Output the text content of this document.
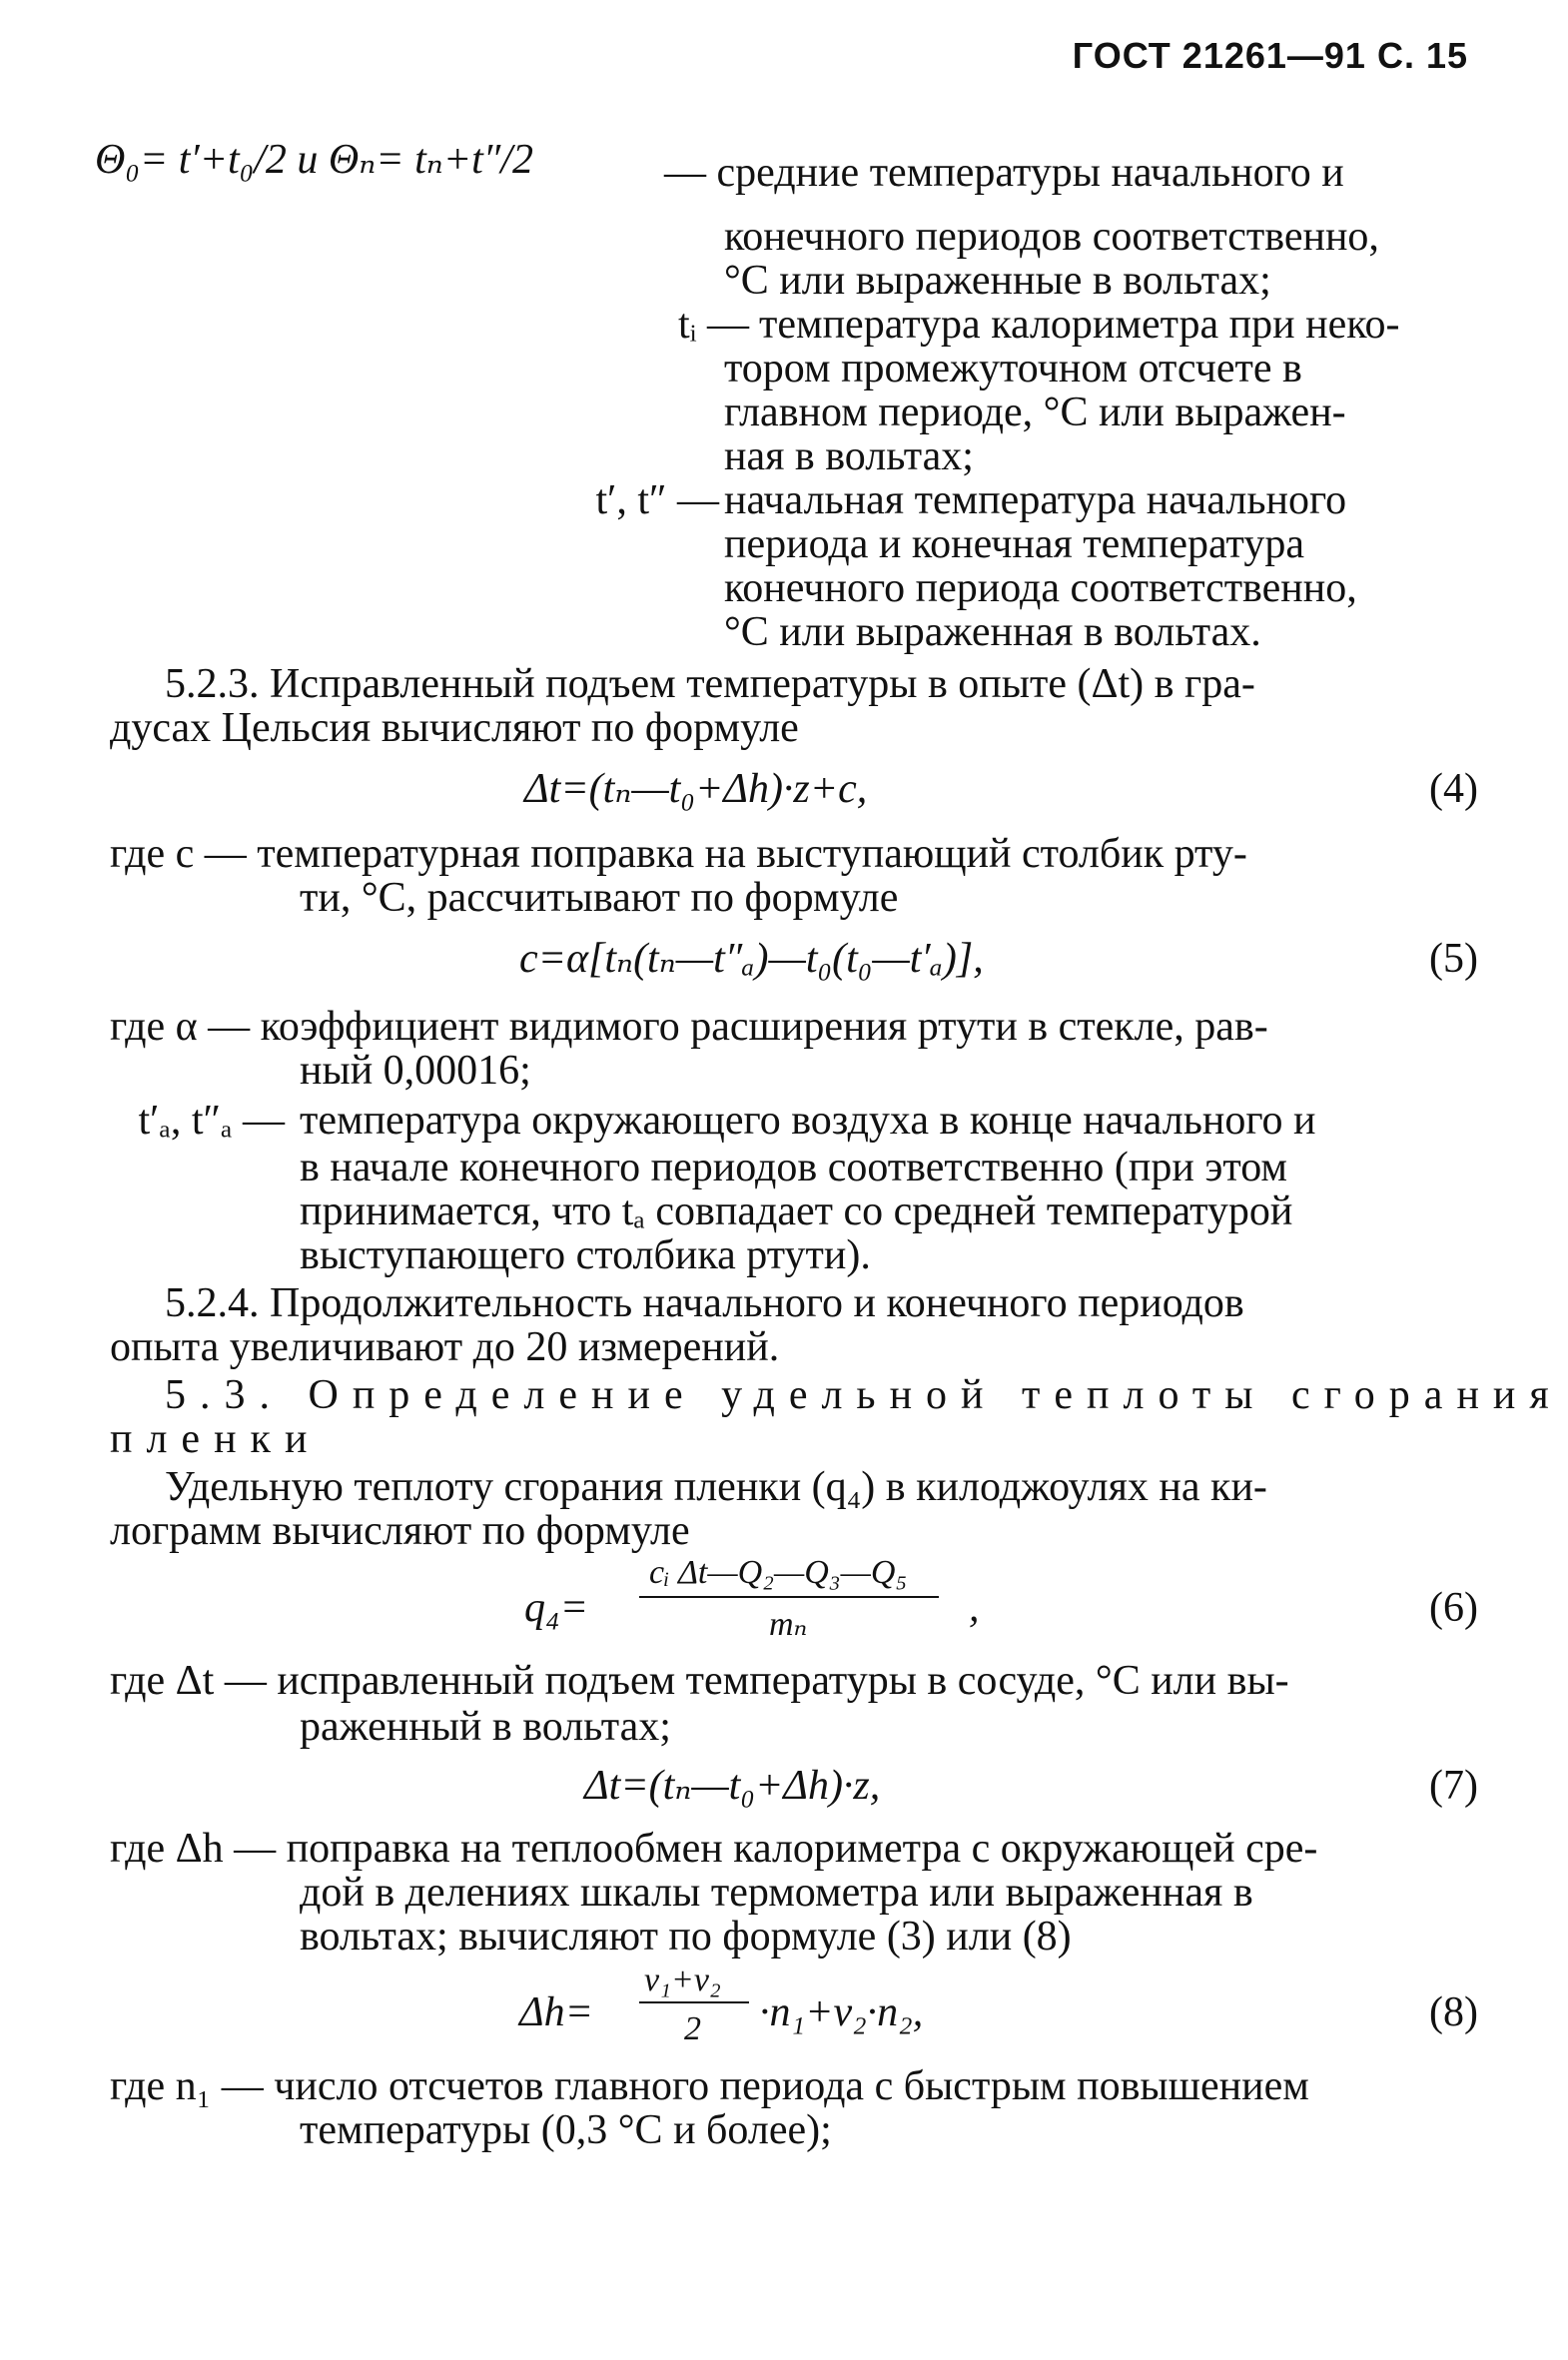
ГОСТ 21261—91 С. 15
Θ₀= t′+t₀/2 и Θₙ= tₙ+t″/2	— средние температуры начального и
конечного периодов соответственно,
°С или выраженные в вольтах;
tᵢ — температура калориметра при неко-
тором промежуточном отсчете в
главном периоде, °С или выражен-
ная в вольтах;
t′, t″ — начальная температура начального
периода и конечная температура
конечного периода соответственно,
°С или выраженная в вольтах.
5.2.3. Исправленный подъем температуры в опыте (Δt) в гра-
дусах Цельсия вычисляют по формуле
Δt=(tₙ—t₀+Δh)·z+c,	(4)
где c — температурная поправка на выступающий столбик рту-
ти, °С, рассчитывают по формуле
c=α[tₙ(tₙ—t″ₐ)—t₀(t₀—t′ₐ)],	(5)
где α — коэффициент видимого расширения ртути в стекле, рав-
ный 0,00016;
t′ₐ, t″ₐ — температура окружающего воздуха в конце начального и
в начале конечного периодов соответственно (при этом
принимается, что tₐ совпадает со средней температурой
выступающего столбика ртути).
5.2.4. Продолжительность начального и конечного периодов
опыта увеличивают до 20 измерений.
5.3. Определение удельной теплоты сгорания
пленки
Удельную теплоту сгорания пленки (q₄) в килоджоулях на ки-
лограмм вычисляют по формуле
q₄=
cᵢ Δt—Q₂—Q₃—Q₅
mₙ	,	(6)
где Δt — исправленный подъем температуры в сосуде, °С или вы-
раженный в вольтах;
Δt=(tₙ—t₀+Δh)·z,	(7)
где Δh — поправка на теплообмен калориметра с окружающей сре-
дой в делениях шкалы термометра или выраженная в
вольтах; вычисляют по формуле (3) или (8)
Δh=
v₁+v₂
2 ·n₁+v₂·n₂,	(8)
где n₁ — число отсчетов главного периода с быстрым повышением
температуры (0,3 °С и более);
